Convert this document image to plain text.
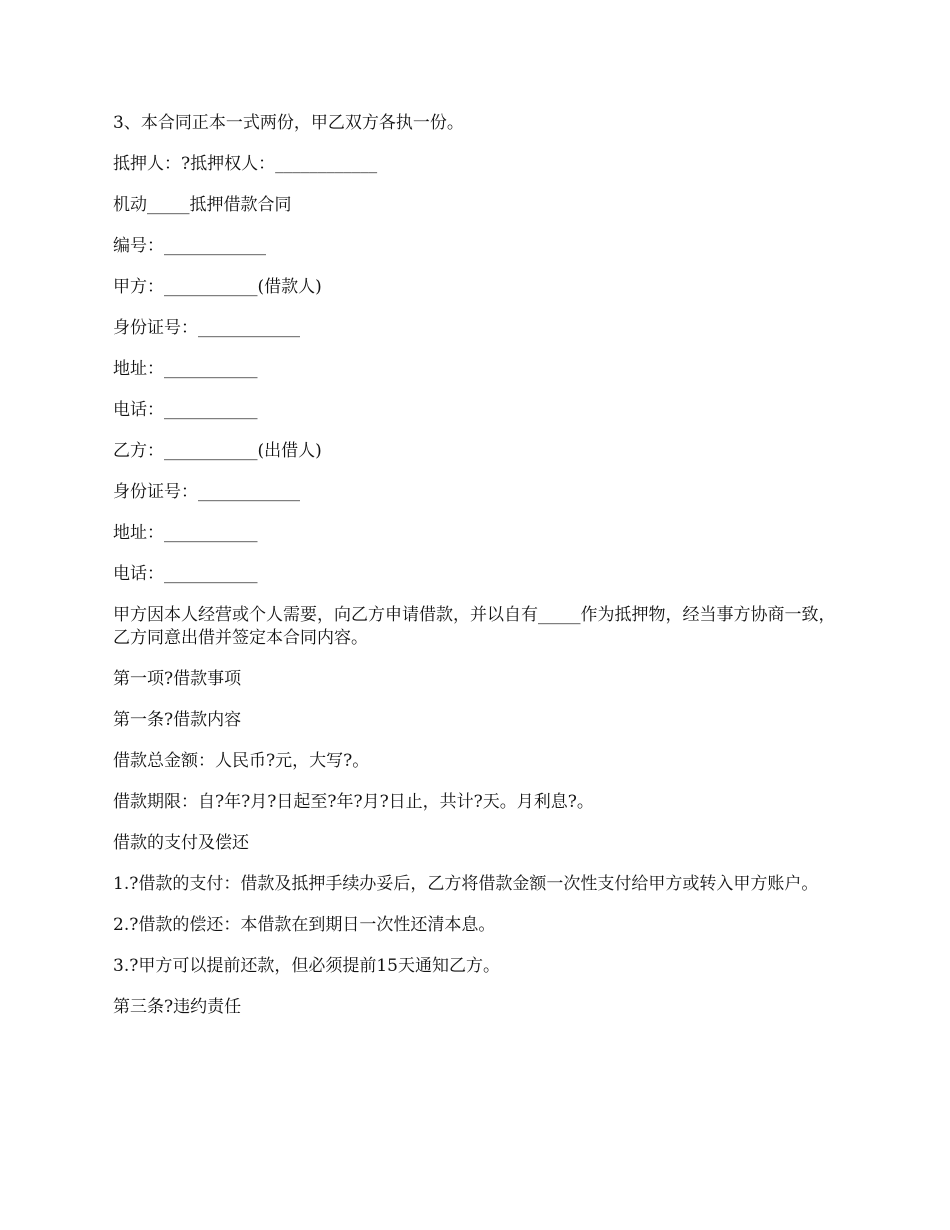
3、本合同正本一式两份，甲乙双方各执一份。

抵押人：?抵押权人：____________

机动_____抵押借款合同

编号：____________

甲方：___________(借款人)

身份证号：____________

地址：___________

电话：___________

乙方：___________(出借人)

身份证号：____________

地址：___________

电话：___________

甲方因本人经营或个人需要，向乙方申请借款，并以自有_____作为抵押物，经当事方协商一致，乙方同意出借并签定本合同内容。

第一项?借款事项

第一条?借款内容

借款总金额：人民币?元，大写?。

借款期限：自?年?月?日起至?年?月?日止，共计?天。月利息?。

借款的支付及偿还

1.?借款的支付：借款及抵押手续办妥后，乙方将借款金额一次性支付给甲方或转入甲方账户。

2.?借款的偿还：本借款在到期日一次性还清本息。

3.?甲方可以提前还款，但必须提前15天通知乙方。

第三条?违约责任
